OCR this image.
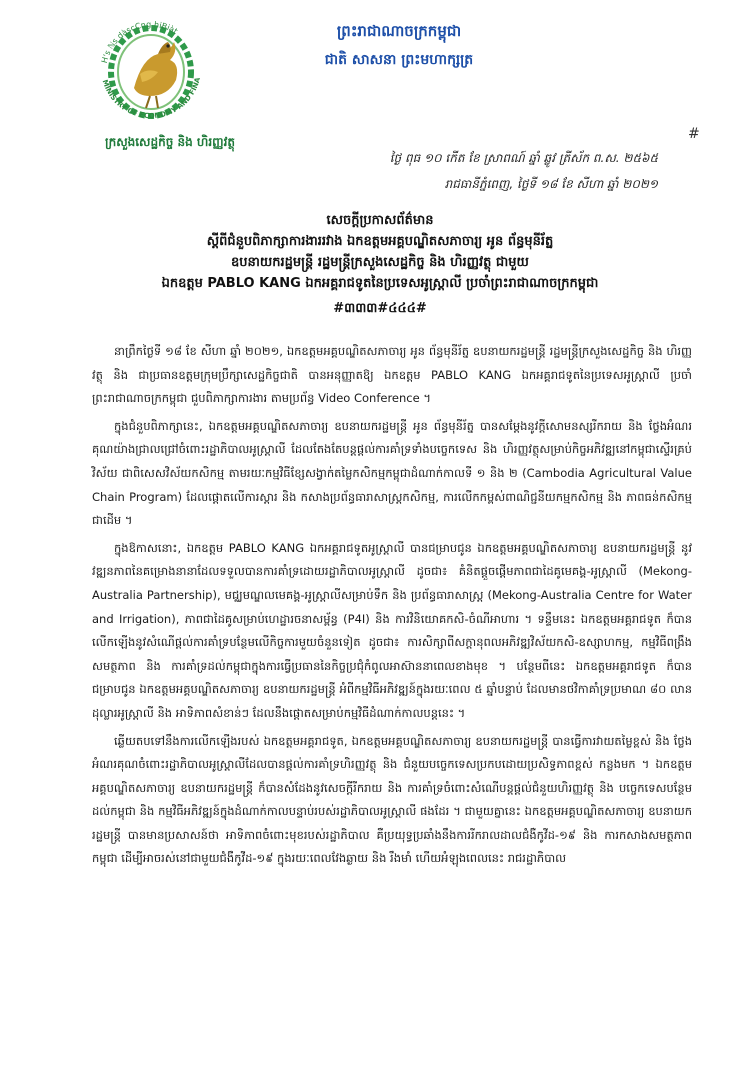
H's ℕs dàscCng hiBiàt
MINISTRY OF ECONOMY AND FINA
ក្រសួងសេដ្ឋកិច្ច និង ហិរញ្ញវត្ថុ
ព្រះរាជាណាចក្រកម្ពុជា
ជាតិ សាសនា ព្រះមហាក្សត្រ
#
ថ្ងៃ ពុធ ១០ កើត ខែ ស្រាពណ៍ ឆ្នាំ ឆ្លូវ ត្រីស័ក ព.ស. ២៥៦៥
រាជធានីភ្នំពេញ, ថ្ងៃទី ១៨ ខែ សីហា ឆ្នាំ ២០២១
សេចក្តីប្រកាសព័ត៌មាន
ស្តីពីជំនួបពិភាក្សាការងាររវាង ឯកឧត្តមអគ្គបណ្ឌិតសភាចារ្យ អូន ព័ន្ធមុនីរ័ត្ន
ឧបនាយករដ្ឋមន្ត្រី រដ្ឋមន្ត្រីក្រសួងសេដ្ឋកិច្ច និង ហិរញ្ញវត្ថុ ជាមួយ
ឯកឧត្តម PABLO KANG ឯកអគ្គរាជទូតនៃប្រទេសអូស្ត្រាលី ប្រចាំព្រះរាជាណាចក្រកម្ពុជា
#៣៣៣#៤៤៤#

នាព្រឹកថ្ងៃទី ១៨ ខែ សីហា ឆ្នាំ ២០២១, ឯកឧត្តមអគ្គបណ្ឌិតសភាចារ្យ អូន ព័ន្ធមុនីរ័ត្ន ឧបនាយករដ្ឋមន្ត្រី រដ្ឋមន្ត្រីក្រសួងសេដ្ឋកិច្ច និង ហិរញ្ញវត្ថុ និង ជាប្រធានឧត្តមក្រុមប្រឹក្សាសេដ្ឋកិច្ចជាតិ បានអនុញ្ញាតឱ្យ ឯកឧត្តម PABLO KANG ឯកអគ្គរាជទូតនៃប្រទេសអូស្ត្រាលី ប្រចាំព្រះរាជាណាចក្រកម្ពុជា ជួបពិភាក្សាការងារ តាមប្រព័ន្ធ Video Conference ។

ក្នុងជំនួបពិភាក្សានេះ, ឯកឧត្តមអគ្គបណ្ឌិតសភាចារ្យ ឧបនាយករដ្ឋមន្ត្រី អូន ព័ន្ធមុនីរ័ត្ន បានសម្តែងនូវក្តីសោមនស្សរីករាយ និង ថ្លែងអំណរគុណយ៉ាងជ្រាលជ្រៅចំពោះរដ្ឋាភិបាលអូស្ត្រាលី ដែលតែងតែបន្តផ្តល់ការគាំទ្រទាំងបច្ចេកទេស និង ហិរញ្ញវត្ថុសម្រាប់កិច្ចអភិវឌ្ឍនៅកម្ពុជាស្ទើរគ្រប់វិស័យ ជាពិសេសវិស័យកសិកម្ម តាមរយៈកម្មវិធីខ្សែសង្វាក់តម្លៃកសិកម្មកម្ពុជាដំណាក់កាលទី ១ និង ២ (Cambodia Agricultural Value Chain Program) ដែលផ្តោតលើការស្តារ និង កសាងប្រព័ន្ធធារាសាស្ត្រកសិកម្ម, ការលើកកម្ពស់ពាណិជ្ជនីយកម្មកសិកម្ម និង ភាពធន់កសិកម្ម ជាដើម ។

ក្នុងឱកាសនោះ, ឯកឧត្តម PABLO KANG ឯកអគ្គរាជទូតអូស្ត្រាលី បានជម្រាបជូន ឯកឧត្តមអគ្គបណ្ឌិតសភាចារ្យ ឧបនាយករដ្ឋមន្ត្រី នូវវឌ្ឍនភាពនៃគម្រោងនានាដែលទទួលបានការគាំទ្រដោយរដ្ឋាភិបាលអូស្ត្រាលី ដូចជា៖ គំនិតផ្តួចផ្តើមភាពជាដៃគូមេគង្គ-អូស្ត្រាលី (Mekong-Australia Partnership), មជ្ឈមណ្ឌលមេគង្គ-អូស្ត្រាលីសម្រាប់ទឹក និង ប្រព័ន្ធធារាសាស្ត្រ (Mekong-Australia Centre for Water and Irrigation), ភាពជាដៃគូសម្រាប់ហេដ្ឋារចនាសម្ព័ន្ធ (P4I) និង ការវិនិយោគកសិ-ចំណីអាហារ ។ ទន្ទឹមនេះ ឯកឧត្តមអគ្គរាជទូត ក៏បានលើកឡើងនូវសំណើផ្តល់ការគាំទ្របន្ថែមលើកិច្ចការមួយចំនួនទៀត ដូចជា៖ ការសិក្សាពីសក្តានុពលអភិវឌ្ឍវិស័យកសិ-ឧស្សាហកម្ម, កម្មវិធីពង្រឹងសមត្ថភាព និង ការគាំទ្រដល់កម្ពុជាក្នុងការធ្វើប្រធាននៃកិច្ចប្រជុំកំពូលអាស៊ាននាពេលខាងមុខ ។ បន្ថែមពីនេះ ឯកឧត្តមអគ្គរាជទូត ក៏បានជម្រាបជូន ឯកឧត្តមអគ្គបណ្ឌិតសភាចារ្យ ឧបនាយករដ្ឋមន្ត្រី អំពីកម្មវិធីអភិវឌ្ឍន៍ក្នុងរយៈពេល ៥ ឆ្នាំបន្ទាប់ ដែលមានថវិកាគាំទ្រប្រមាណ ៨០ លានដុល្លារអូស្ត្រាលី និង អាទិភាពសំខាន់ៗ ដែលនឹងផ្តោតសម្រាប់កម្មវិធីដំណាក់កាលបន្តនេះ ។

ឆ្លើយតបទៅនឹងការលើកឡើងរបស់ ឯកឧត្តមអគ្គរាជទូត, ឯកឧត្តមអគ្គបណ្ឌិតសភាចារ្យ ឧបនាយករដ្ឋមន្ត្រី បានធ្វើការវាយតម្លៃខ្ពស់ និង ថ្លែងអំណរគុណចំពោះរដ្ឋាភិបាលអូស្ត្រាលីដែលបានផ្តល់ការគាំទ្រហិរញ្ញវត្ថុ និង ជំនួយបច្ចេកទេសប្រកបដោយប្រសិទ្ធភាពខ្ពស់ កន្លងមក ។ ឯកឧត្តមអគ្គបណ្ឌិតសភាចារ្យ ឧបនាយករដ្ឋមន្ត្រី ក៏បានសំដែងនូវសេចក្តីរីករាយ និង ការគាំទ្រចំពោះសំណើបន្តផ្តល់ជំនួយហិរញ្ញវត្ថុ និង បច្ចេកទេសបន្ថែមដល់កម្ពុជា និង កម្មវិធីអភិវឌ្ឍន៍ក្នុងដំណាក់កាលបន្ទាប់របស់រដ្ឋាភិបាលអូស្ត្រាលី ផងដែរ ។ ជាមួយគ្នានេះ ឯកឧត្តមអគ្គបណ្ឌិតសភាចារ្យ ឧបនាយករដ្ឋមន្ត្រី បានមានប្រសាសន៍ថា អាទិភាពចំពោះមុខរបស់រដ្ឋាភិបាល គឺប្រយុទ្ធប្រឆាំងនឹងការរីករាលដាលជំងឺកូវីដ-១៩ និង ការកសាងសមត្ថភាពកម្ពុជា ដើម្បីអាចរស់នៅជាមួយជំងឺកូវីដ-១៩ ក្នុងរយៈពេលវែងឆ្ងាយ និង រឹងមាំ ហើយអំឡុងពេលនេះ រាជរដ្ឋាភិបាល
